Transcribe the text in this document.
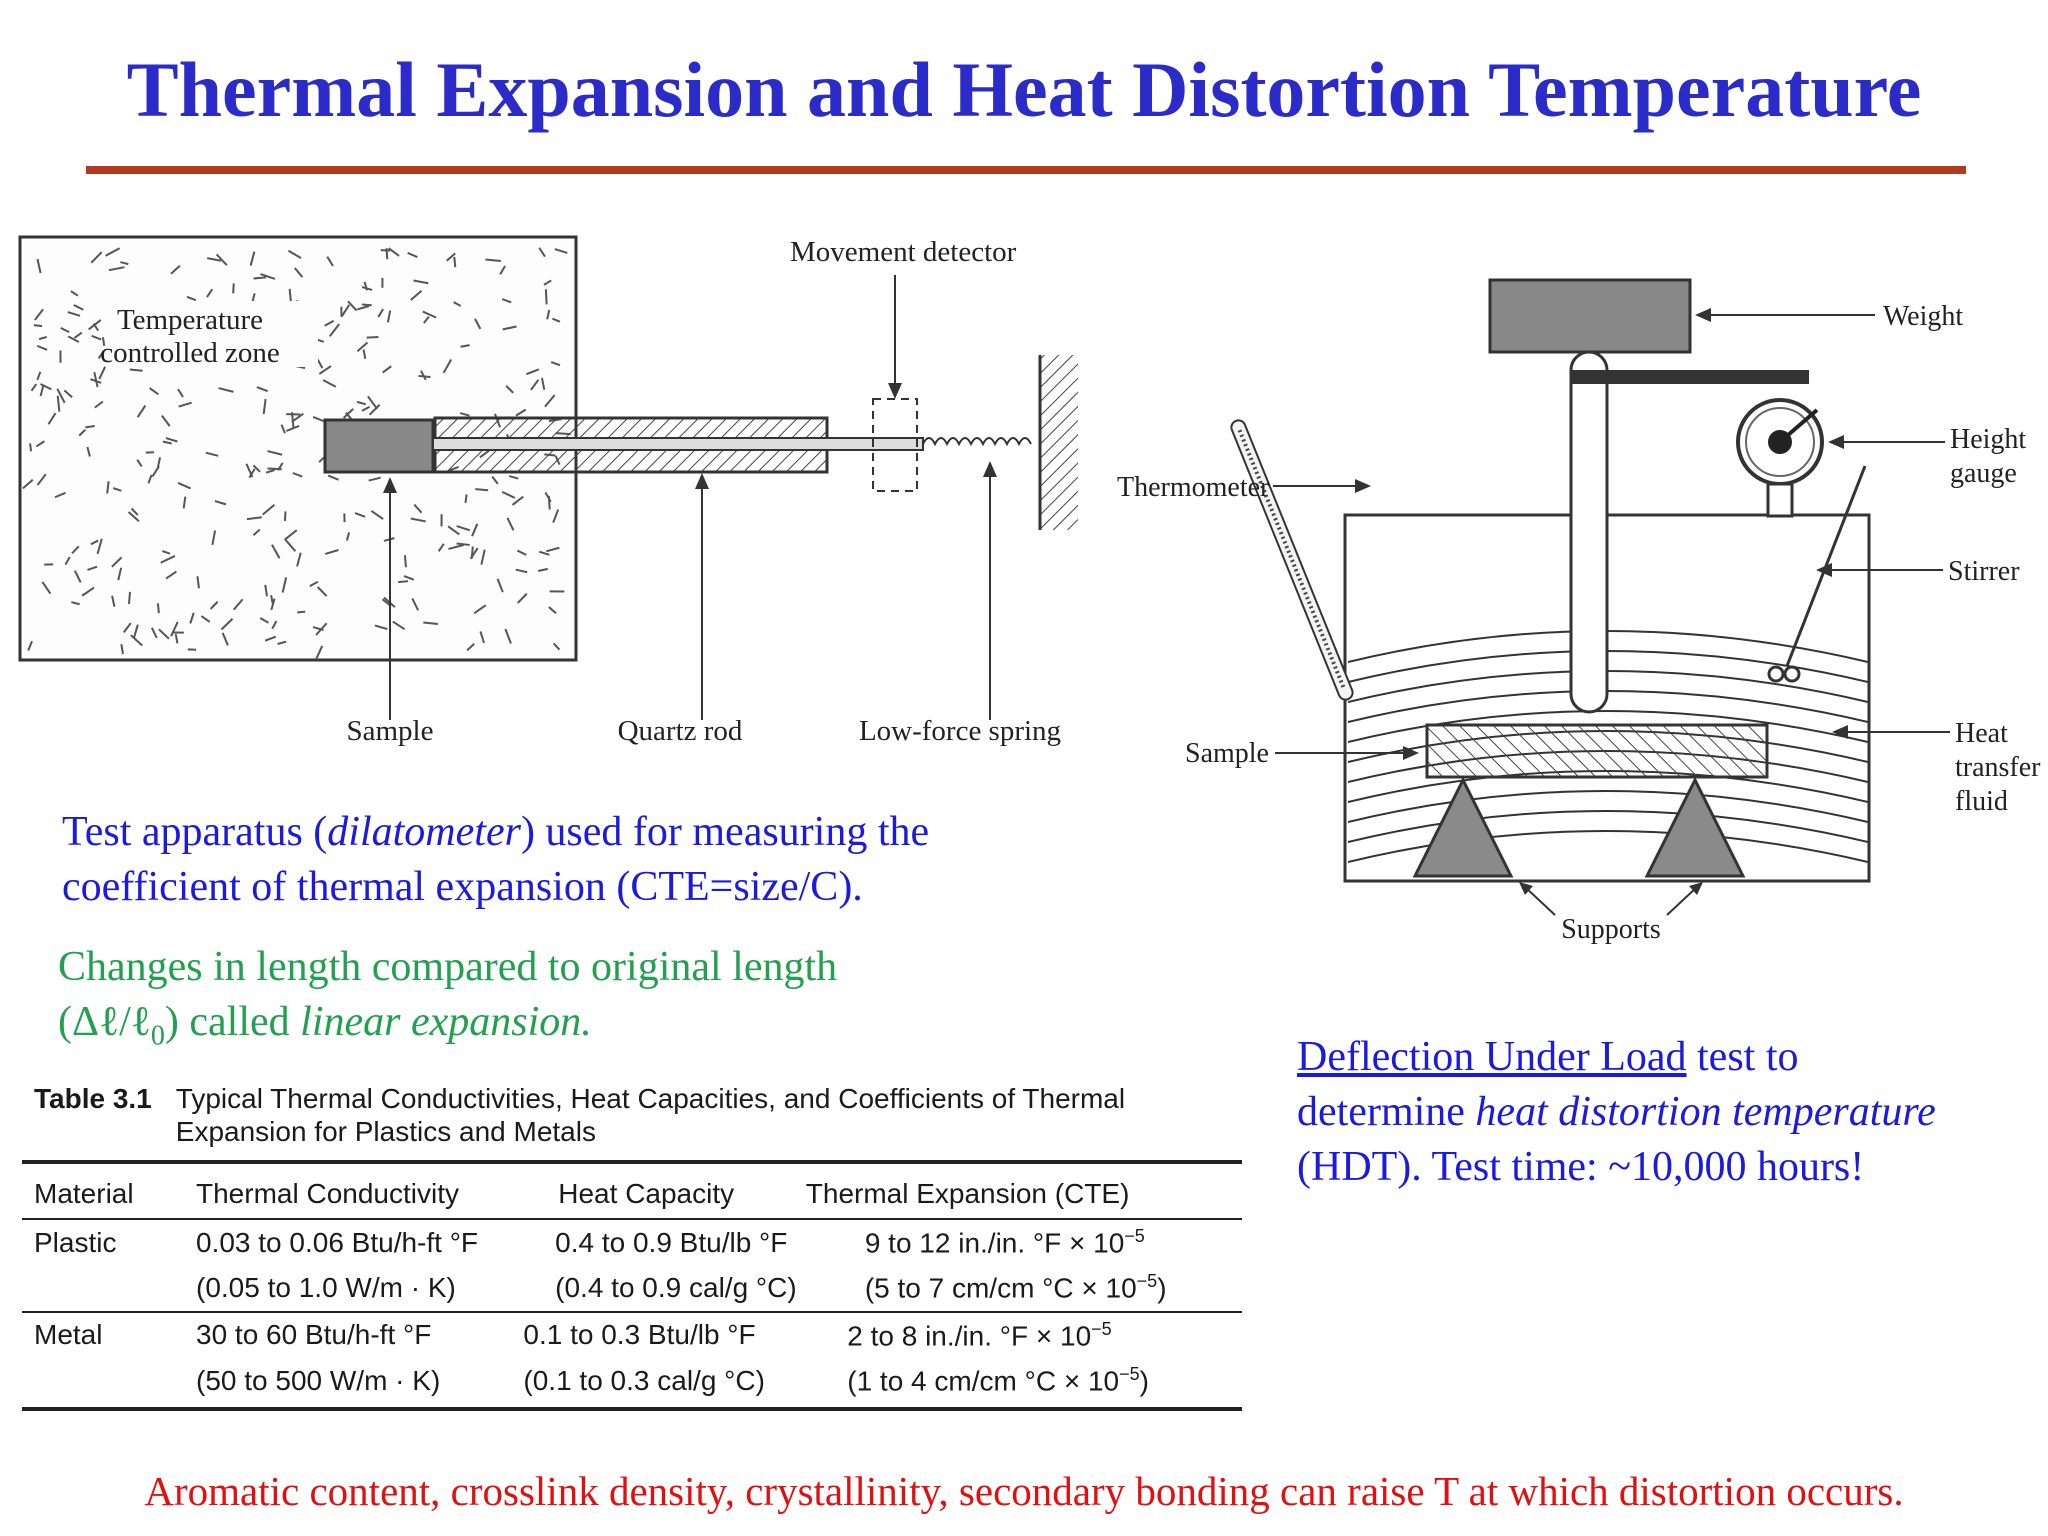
Thermal Expansion and Heat Distortion Temperature
Temperature
controlled zone
Movement detector
Sample	Quartz rod	Low-force spring
Weight
Height
gauge
Stirrer
Thermometer
Sample
Heat
transfer
fluid
Supports

Test apparatus (dilatometer) used for measuring the
coefficient of thermal expansion (CTE=size/C).

Changes in length compared to original length
(Δℓ/ℓ$_0$) called linear expansion.

Deflection Under Load test to
determine heat distortion temperature
(HDT). Test time: ~10,000 hours!

Table 3.1 Typical Thermal Conductivities, Heat Capacities, and Coefficients of Thermal Expansion for Plastics and Metals
Material	Thermal Conductivity	Heat Capacity	Thermal Expansion (CTE)
Plastic	0.03 to 0.06 Btu/h-ft °F	0.4 to 0.9 Btu/lb °F	9 to 12 in./in. $^\circ F \times 10^{-5}$
	(0.05 to 1.0 W/m · K)	(0.4 to 0.9 cal/g °C)	(5 to 7 cm/cm $^\circ C \times 10^{-5}$)
Metal	30 to 60 Btu/h-ft °F	0.1 to 0.3 Btu/lb °F	2 to 8 in./in. $^\circ F \times 10^{-5}$
	(50 to 500 W/m · K)	(0.1 to 0.3 cal/g °C)	(1 to 4 cm/cm $^\circ C \times 10^{-5}$)

Aromatic content, crosslink density, crystallinity, secondary bonding can raise T at which distortion occurs.
